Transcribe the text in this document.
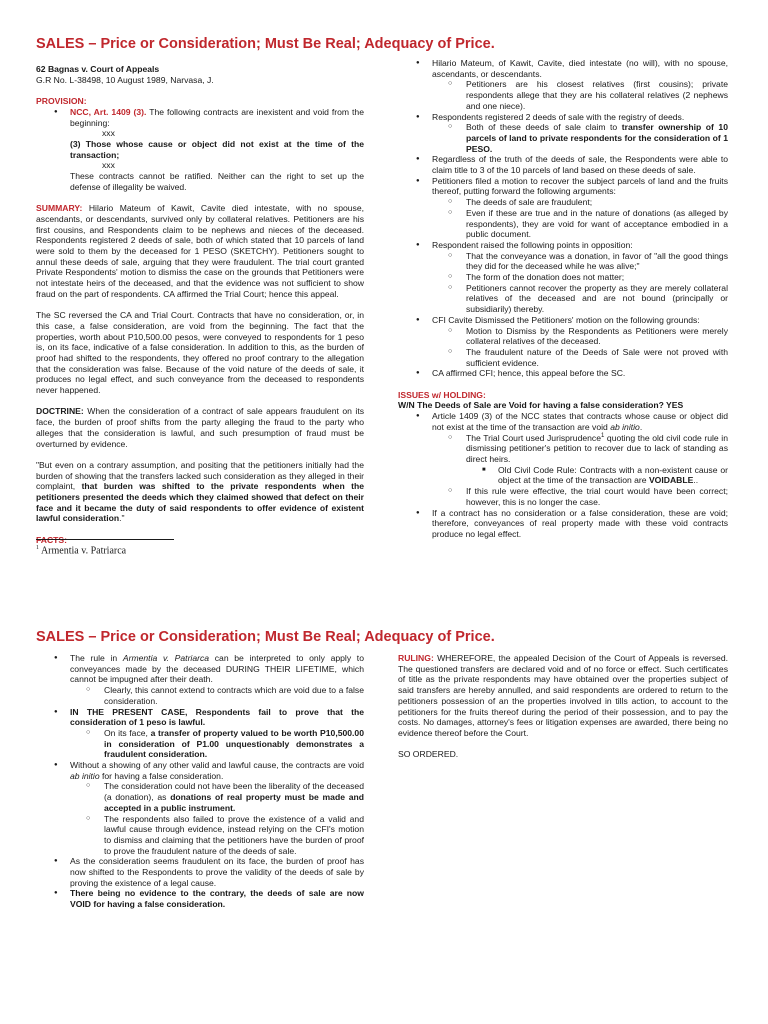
SALES – Price or Consideration; Must Be Real; Adequacy of Price.

62 Bagnas v. Court of Appeals

G.R No. L-38498, 10 August 1989, Narvasa, J.

PROVISION:

● NCC, Art. 1409 (3). The following contracts are inexistent and void from the beginning:

xxx

(3) Those whose cause or object did not exist at the time of the transaction;

xxx

These contracts cannot be ratified. Neither can the right to set up the defense of illegality be waived.

SUMMARY: Hilario Mateum of Kawit, Cavite died intestate, with no spouse, ascendants, or descendants, survived only by collateral relatives. Petitioners are his first cousins, and Respondents claim to be nephews and nieces of the deceased. Respondents registered 2 deeds of sale, both of which stated that 10 parcels of land were sold to them by the deceased for 1 PESO (SKETCHY). Petitioners sought to annul these deeds of sale, arguing that they were fraudulent. The trial court granted Private Respondents' motion to dismiss the case on the grounds that Petitioners were not intestate heirs of the deceased, and that the evidence was not sufficient to show fraud on the part of respondents. CA affirmed the Trial Court; hence this appeal.

The SC reversed the CA and Trial Court. Contracts that have no consideration, or, in this case, a false consideration, are void from the beginning. The fact that the properties, worth about P10,500.00 pesos, were conveyed to respondents for 1 peso is, on its face, indicative of a false consideration. In addition to this, as the burden of proof had shifted to the respondents, they offered no proof contrary to the allegation that the consideration was false. Because of the void nature of the deeds of sale, it produces no legal effect, and such conveyance from the deceased to respondents never happened.

DOCTRINE: When the consideration of a contract of sale appears fraudulent on its face, the burden of proof shifts from the party alleging the fraud to the party who alleges that the consideration is lawful, and such presumption of fraud must be overturned by evidence.

"But even on a contrary assumption, and positing that the petitioners initially had the burden of showing that the transfers lacked such consideration as they alleged in their complaint, that burden was shifted to the private respondents when the petitioners presented the deeds which they claimed showed that defect on their face and it became the duty of said respondents to offer evidence of existent lawful consideration."

FACTS:

$^1$ Armentia v. Patriarca
● Hilario Mateum, of Kawit, Cavite, died intestate (no will), with no spouse, ascendants, or descendants.
○ Petitioners are his closest relatives (first cousins); private respondents allege that they are his collateral relatives (2 nephews and one niece).
● Respondents registered 2 deeds of sale with the registry of deeds.
○ Both of these deeds of sale claim to transfer ownership of 10 parcels of land to private respondents for the consideration of 1 PESO.
● Regardless of the truth of the deeds of sale, the Respondents were able to claim title to 3 of the 10 parcels of land based on these deeds of sale.
● Petitioners filed a motion to recover the subject parcels of land and the fruits thereof, putting forward the following arguments:
○ The deeds of sale are fraudulent;
○ Even if these are true and in the nature of donations (as alleged by respondents), they are void for want of acceptance embodied in a public document.
● Respondent raised the following points in opposition:
○ That the conveyance was a donation, in favor of "all the good things they did for the deceased while he was alive;"
○ The form of the donation does not matter;
○ Petitioners cannot recover the property as they are merely collateral relatives of the deceased and are not bound (principally or subsidiarily) thereby.
● CFI Cavite Dismissed the Petitioners' motion on the following grounds:
○ Motion to Dismiss by the Respondents as Petitioners were merely collateral relatives of the deceased.
○ The fraudulent nature of the Deeds of Sale were not proved with sufficient evidence.
● CA affirmed CFI; hence, this appeal before the SC.

ISSUES w/ HOLDING:

W/N The Deeds of Sale are Void for having a false consideration? YES

● Article 1409 (3) of the NCC states that contracts whose cause or object did not exist at the time of the transaction are void ab initio.
○ The Trial Court used Jurisprudence$^1$ quoting the old civil code rule in dismissing petitioner's petition to recover due to lack of standing as direct heirs.
■ Old Civil Code Rule: Contracts with a non-existent cause or object at the time of the transaction are VOIDABLE..
○ If this rule were effective, the trial court would have been correct; however, this is no longer the case.
● If a contract has no consideration or a false consideration, these are void; therefore, conveyances of real property made with these void contracts produce no legal effect.
SALES – Price or Consideration; Must Be Real; Adequacy of Price.
● The rule in Armentia v. Patriarca can be interpreted to only apply to conveyances made by the deceased DURING THEIR LIFETIME, which cannot be impugned after their death.
○ Clearly, this cannot extend to contracts which are void due to a false consideration.
● IN THE PRESENT CASE, Respondents fail to prove that the consideration of 1 peso is lawful.
○ On its face, a transfer of property valued to be worth P10,500.00 in consideration of P1.00 unquestionably demonstrates a fraudulent consideration.
● Without a showing of any other valid and lawful cause, the contracts are void ab initio for having a false consideration.
○ The consideration could not have been the liberality of the deceased (a donation), as donations of real property must be made and accepted in a public instrument.
○ The respondents also failed to prove the existence of a valid and lawful cause through evidence, instead relying on the CFI's motion to dismiss and claiming that the petitioners have the burden of proof to prove the fraudulent nature of the deeds of sale.
● As the consideration seems fraudulent on its face, the burden of proof has now shifted to the Respondents to prove the validity of the deeds of sale by proving the existence of a legal cause.
● There being no evidence to the contrary, the deeds of sale are now VOID for having a false consideration.

RULING: WHEREFORE, the appealed Decision of the Court of Appeals is reversed. The questioned transfers are declared void and of no force or effect. Such certificates of title as the private respondents may have obtained over the properties subject of said transfers are hereby annulled, and said respondents are ordered to return to the petitioners possession of an the properties involved in tills action, to account to the petitioners for the fruits thereof during the period of their possession, and to pay the costs. No damages, attorney's fees or litigation expenses are awarded, there being no evidence thereof before the Court.

SO ORDERED.
